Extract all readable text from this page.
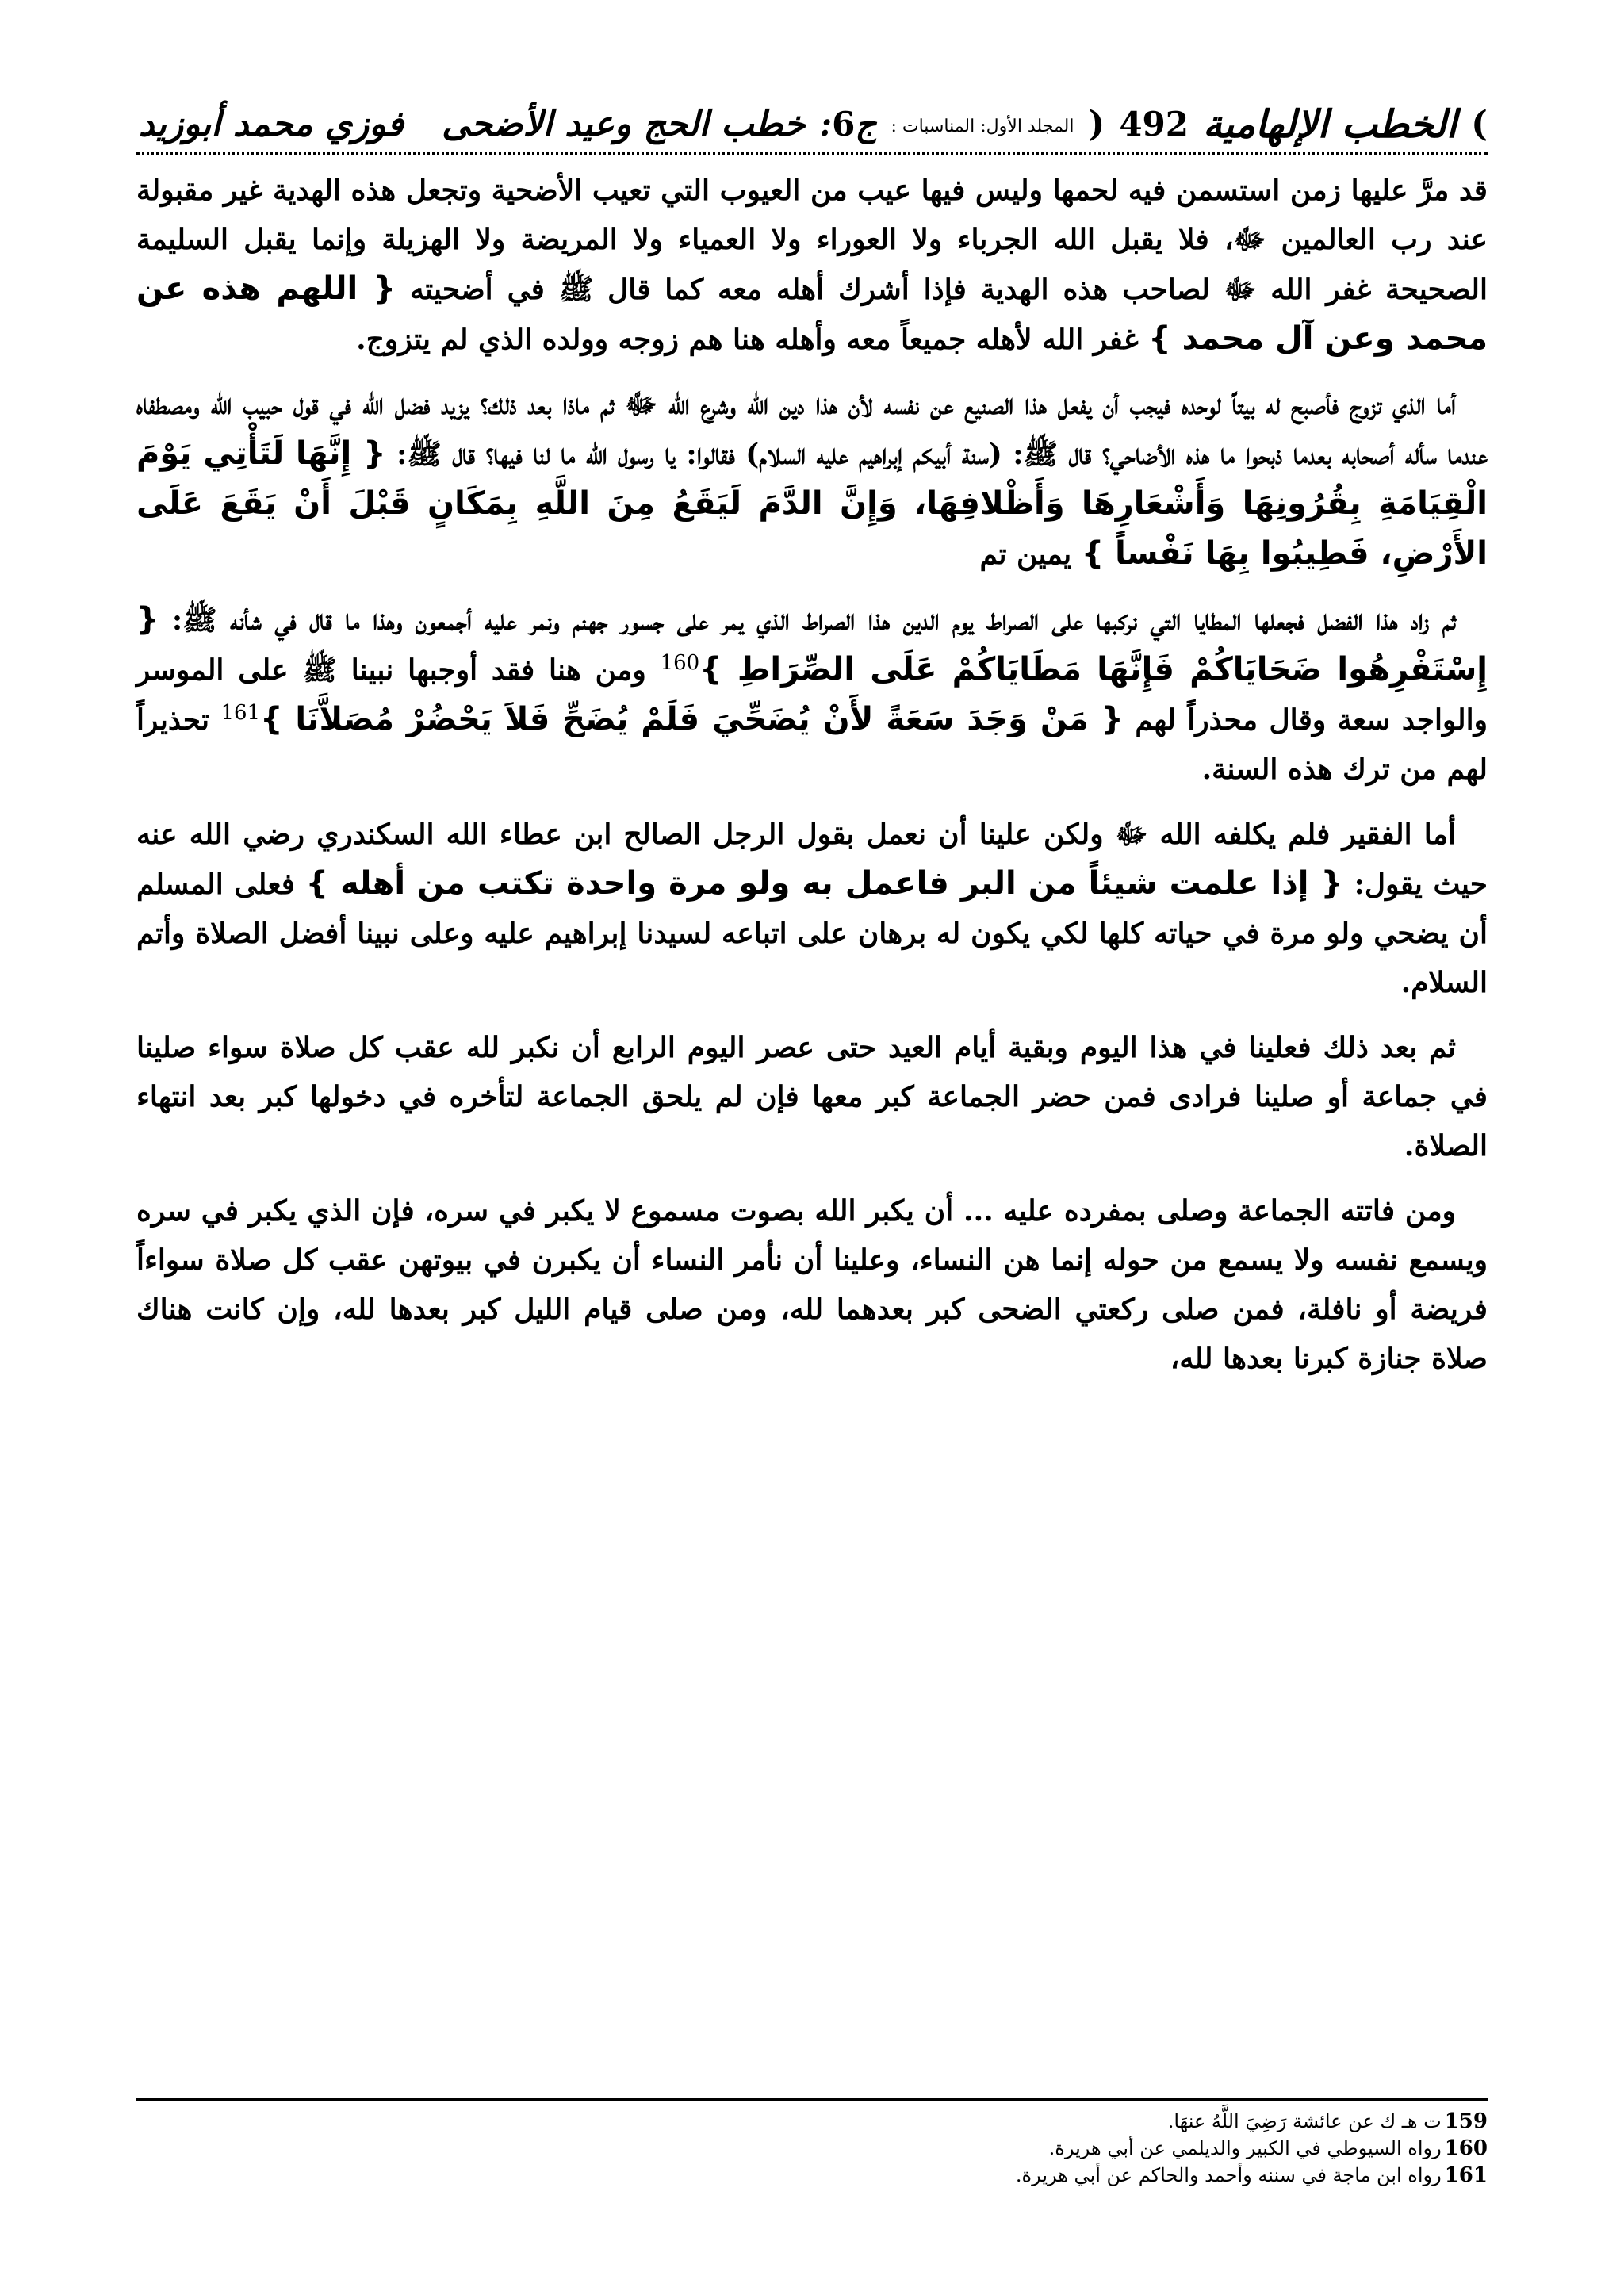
)
الخطب الإلهامية
492
(
المجلد الأول: المناسبات :
ج6:
خطب الحج وعيد الأضحى
فوزي محمد أبوزيد

قد مرَّ عليها زمن استسمن فيه لحمها وليس فيها عيب من العيوب التي تعيب الأضحية وتجعل هذه الهدية غير مقبولة عند رب العالمين ﷻ، فلا يقبل الله الجرباء ولا العوراء ولا العمياء ولا المريضة ولا الهزيلة وإنما يقبل السليمة الصحيحة غفر الله ﷻ لصاحب هذه الهدية فإذا أشرك أهله معه كما قال ﷺ في أضحيته { اللهم هذه عن محمد وعن آل محمد } غفر الله لأهله جميعاً معه وأهله هنا هم زوجه وولده الذي لم يتزوج.

أما الذي تزوج فأصبح له بيتاً لوحده فيجب أن يفعل هذا الصنيع عن نفسه لأن هذا دين الله وشرع الله ﷻ ثم ماذا بعد ذلك؟ يزيد فضل الله في قول حبيب الله ومصطفاه عندما سأله أصحابه بعدما ذبحوا ما هذه الأضاحي؟ قال ﷺ: (سنة أبيكم إبراهيم عليه السلام) فقالوا: يا رسول الله ما لنا فيها؟ قال ﷺ: { إِنَّهَا لَتَأْتِي يَوْمَ الْقِيَامَةِ بِقُرُونِهَا وَأَشْعَارِهَا وَأَظْلافِهَا، وَإِنَّ الدَّمَ لَيَقَعُ مِنَ اللَّهِ بِمَكَانٍ قَبْلَ أَنْ يَقَعَ عَلَى الأَرْضِ، فَطِيبُوا بِهَا نَفْساً } يمين تم

ثم زاد هذا الفضل فجعلها المطايا التي نركبها على الصراط يوم الدين هذا الصراط الذي يمر على جسور جهنم ونمر عليه أجمعون وهذا ما قال في شأنه ﷺ: { إِسْتَفْرِهُوا ضَحَايَاكُمْ فَإِنَّهَا مَطَايَاكُمْ عَلَى الصِّرَاطِ }$^{160}$ ومن هنا فقد أوجبها نبينا ﷺ على الموسر والواجد سعة وقال محذراً لهم { مَنْ وَجَدَ سَعَةً لأَنْ يُضَحِّيَ فَلَمْ يُضَحِّ فَلاَ يَحْضُرْ مُصَلاَّنَا }$^{161}$ تحذيراً لهم من ترك هذه السنة.

أما الفقير فلم يكلفه الله ﷻ ولكن علينا أن نعمل بقول الرجل الصالح ابن عطاء الله السكندري رضي الله عنه حيث يقول: { إذا علمت شيئاً من البر فاعمل به ولو مرة واحدة تكتب من أهله } فعلى المسلم أن يضحي ولو مرة في حياته كلها لكي يكون له برهان على اتباعه لسيدنا إبراهيم عليه وعلى نبينا أفضل الصلاة وأتم السلام.

ثم بعد ذلك فعلينا في هذا اليوم وبقية أيام العيد حتى عصر اليوم الرابع أن نكبر لله عقب كل صلاة سواء صلينا في جماعة أو صلينا فرادى فمن حضر الجماعة كبر معها فإن لم يلحق الجماعة لتأخره في دخولها كبر بعد انتهاء الصلاة.

ومن فاتته الجماعة وصلى بمفرده عليه ... أن يكبر الله بصوت مسموع لا يكبر في سره، فإن الذي يكبر في سره ويسمع نفسه ولا يسمع من حوله إنما هن النساء، وعلينا أن نأمر النساء أن يكبرن في بيوتهن عقب كل صلاة سواءاً فريضة أو نافلة، فمن صلى ركعتي الضحى كبر بعدهما لله، ومن صلى قيام الليل كبر بعدها لله، وإن كانت هناك صلاة جنازة كبرنا بعدها لله،

159ت هـ ك عن عائشة رَضِيَ اللَّهُ عنهَا.
160رواه السيوطي في الكبير والديلمي عن أبي هريرة.
161رواه ابن ماجة في سننه وأحمد والحاكم عن أبي هريرة.
